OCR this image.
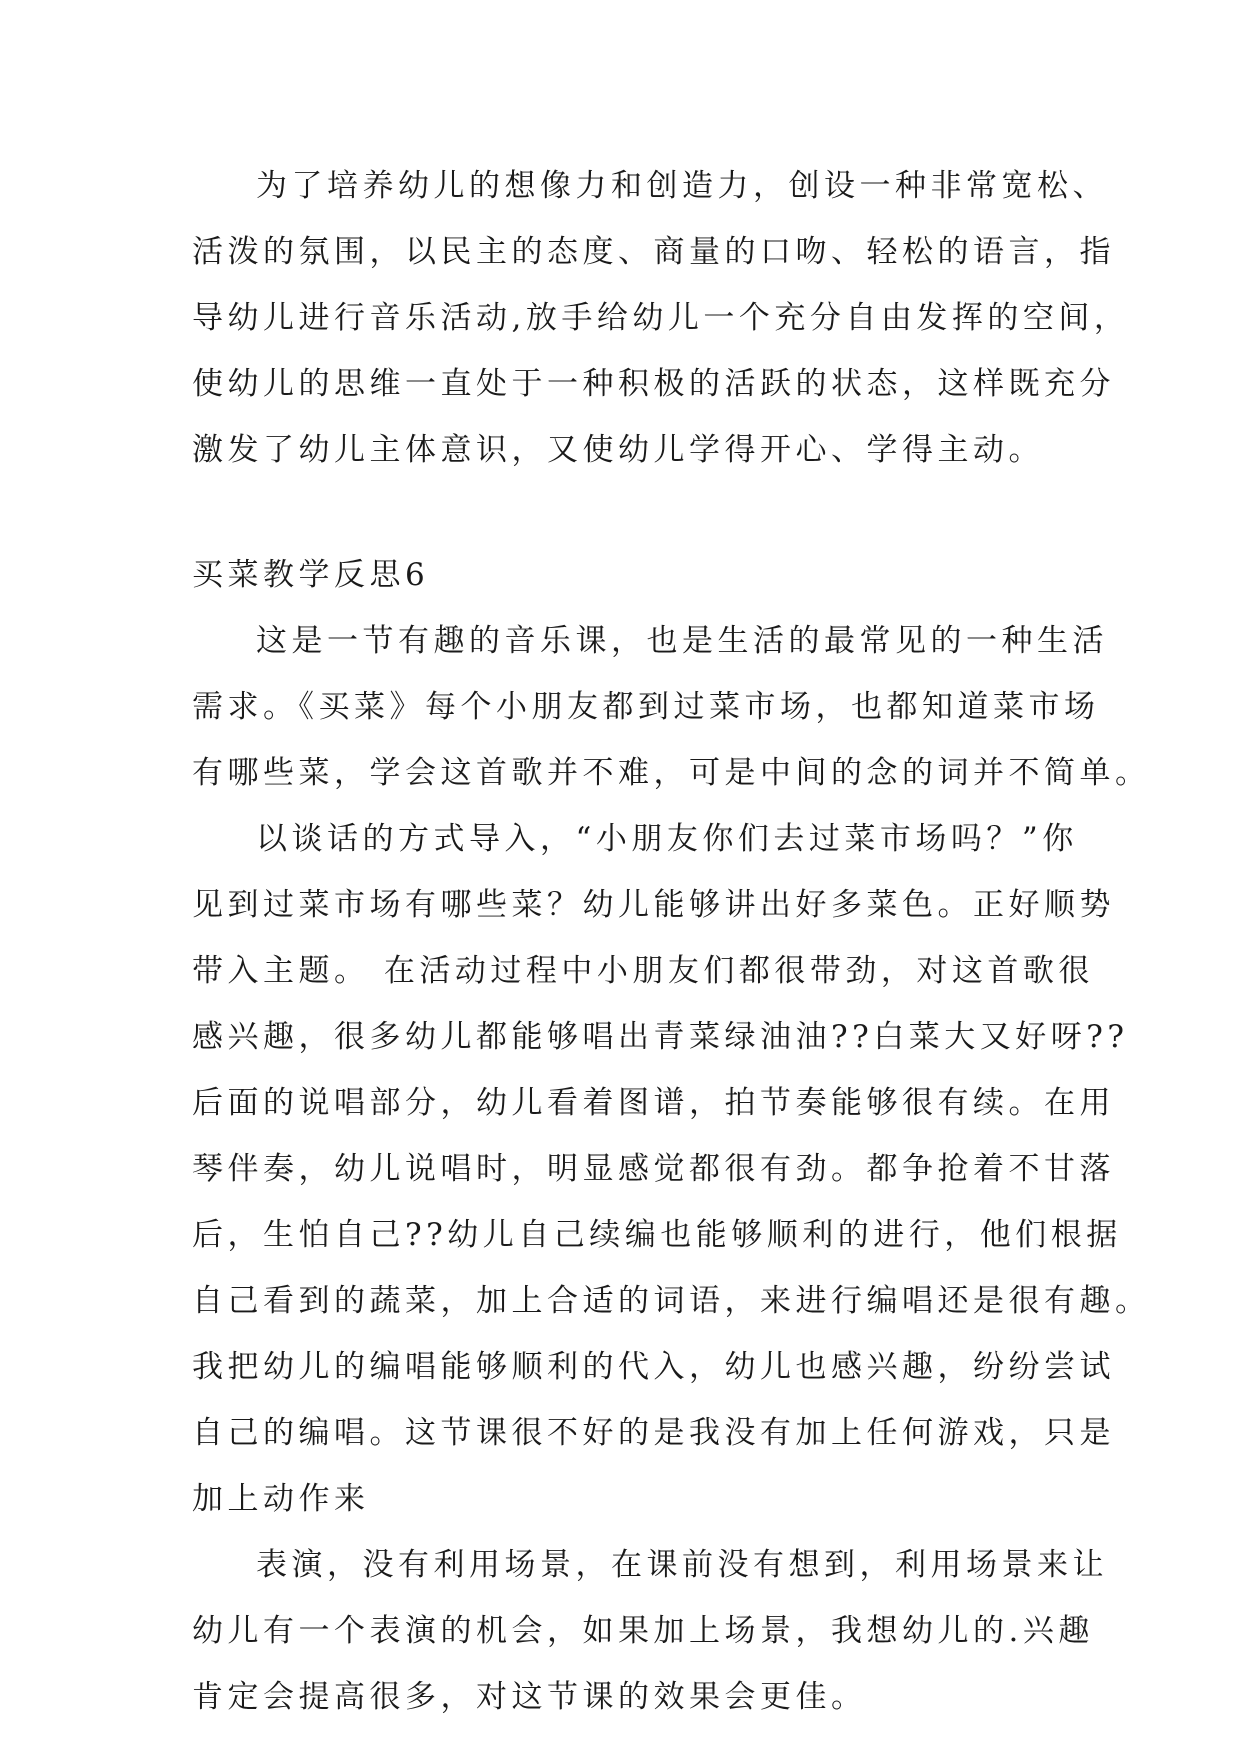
为了培养幼儿的想像力和创造力，创设一种非常宽松、
活泼的氛围，以民主的态度、商量的口吻、轻松的语言，指
导幼儿进行音乐活动,放手给幼儿一个充分自由发挥的空间，
使幼儿的思维一直处于一种积极的活跃的状态，这样既充分
激发了幼儿主体意识，又使幼儿学得开心、学得主动。
买菜教学反思6
这是一节有趣的音乐课，也是生活的最常见的一种生活
需求。《买菜》每个小朋友都到过菜市场，也都知道菜市场
有哪些菜，学会这首歌并不难，可是中间的念的词并不简单。
以谈话的方式导入，“小朋友你们去过菜市场吗？”你
见到过菜市场有哪些菜？幼儿能够讲出好多菜色。正好顺势
带入主题。 在活动过程中小朋友们都很带劲，对这首歌很
感兴趣，很多幼儿都能够唱出青菜绿油油??白菜大又好呀??
后面的说唱部分，幼儿看着图谱，拍节奏能够很有续。在用
琴伴奏，幼儿说唱时，明显感觉都很有劲。都争抢着不甘落
后，生怕自己??幼儿自己续编也能够顺利的进行，他们根据
自己看到的蔬菜，加上合适的词语，来进行编唱还是很有趣。
我把幼儿的编唱能够顺利的代入，幼儿也感兴趣，纷纷尝试
自己的编唱。这节课很不好的是我没有加上任何游戏，只是
加上动作来
表演，没有利用场景，在课前没有想到，利用场景来让
幼儿有一个表演的机会，如果加上场景，我想幼儿的.兴趣
肯定会提高很多，对这节课的效果会更佳。
